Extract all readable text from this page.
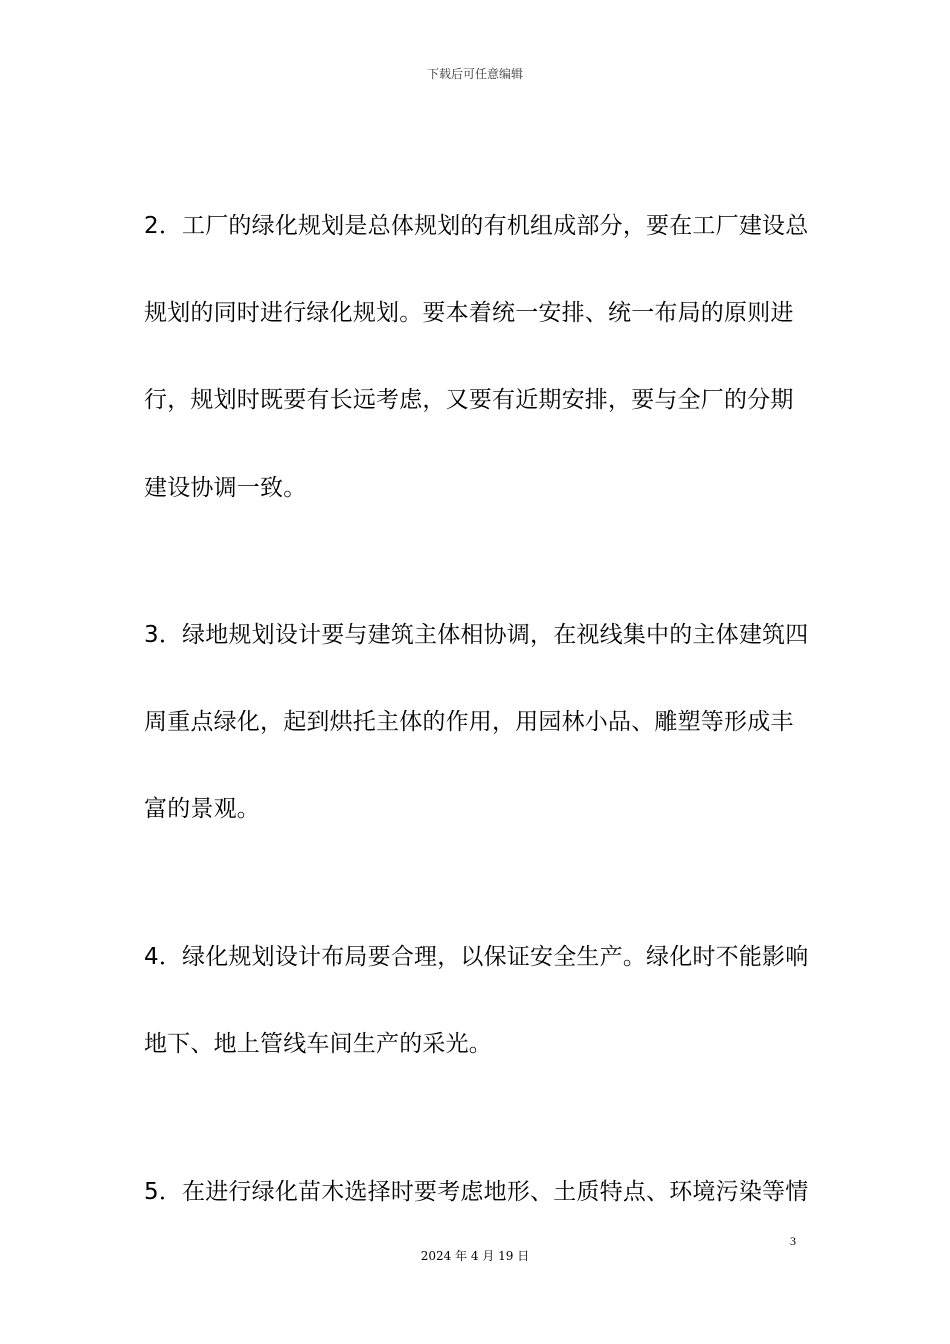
下载后可任意编辑
2．工厂的绿化规划是总体规划的有机组成部分，要在工厂建设总
规划的同时进行绿化规划。要本着统一安排、统一布局的原则进
行，规划时既要有长远考虑，又要有近期安排，要与全厂的分期
建设协调一致。
3．绿地规划设计要与建筑主体相协调，在视线集中的主体建筑四
周重点绿化，起到烘托主体的作用，用园林小品、雕塑等形成丰
富的景观。
4．绿化规划设计布局要合理，以保证安全生产。绿化时不能影响
地下、地上管线车间生产的采光。
5．在进行绿化苗木选择时要考虑地形、土质特点、环境污染等情
3
2024 年 4 月 19 日
